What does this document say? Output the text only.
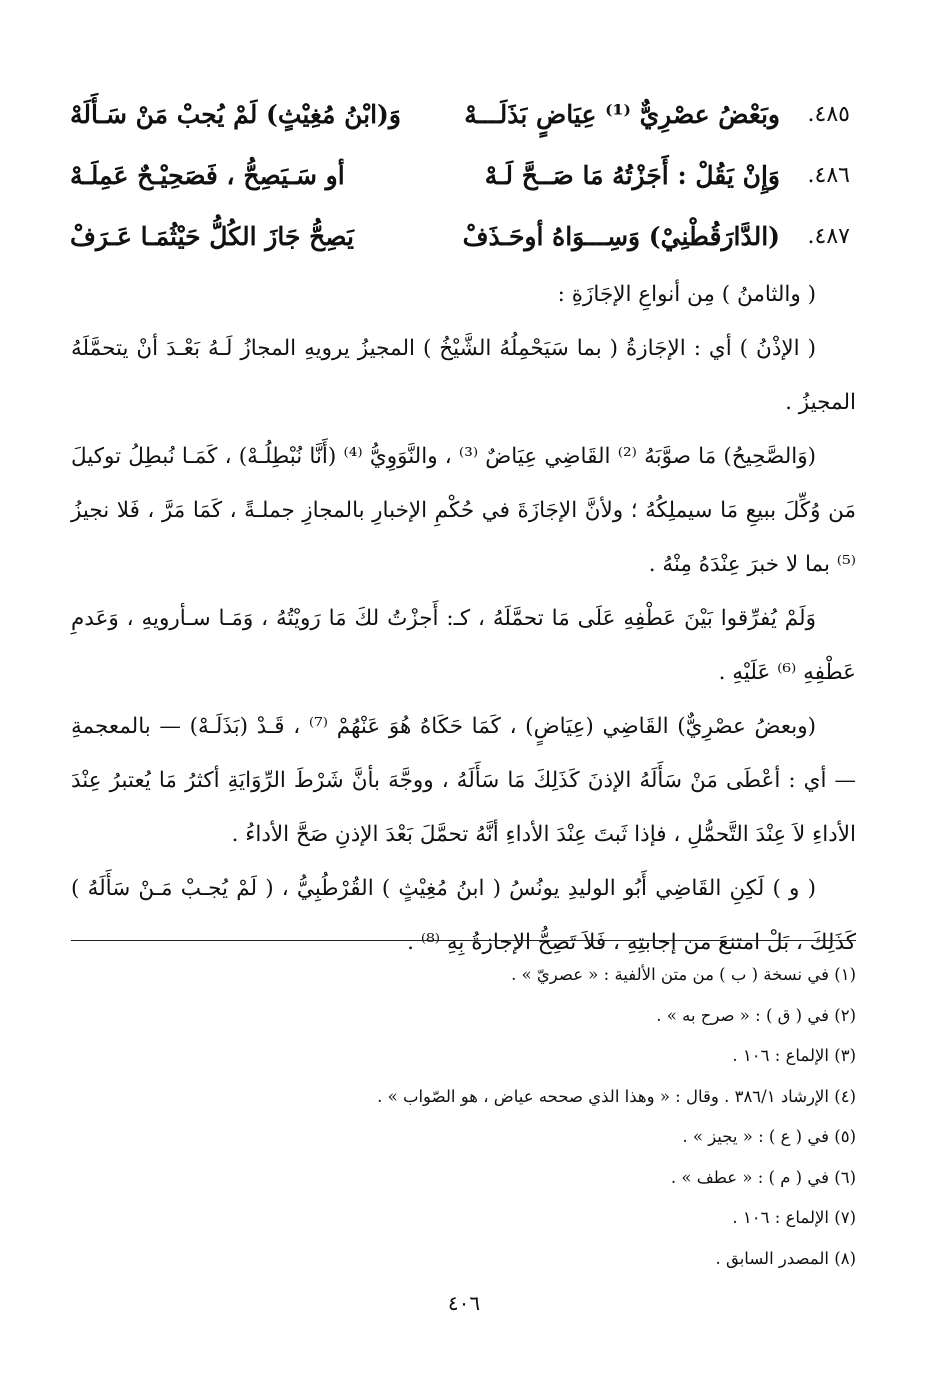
٤٨٥.
وبَعْضُ عصْرِيٌّ ⁽¹⁾ عِيَاضٍ بَذَلَـــهْ
وَ(ابْنُ مُغِيْثٍ) لَمْ يُجبْ مَنْ سَـأَلَهْ
٤٨٦.
وَإِنْ يَقُلْ : أَجَزْتُهُ مَا صَــحَّ لَـهْ
أو سَـيَصِحُّ ، فَصَحِيْـحٌ عَمِلَـهْ
٤٨٧.
(الدَّارَقُطْنِيْ) وَسِـــوَاهُ أوحَـذَفْ
يَصِحُّ جَازَ الكُلُّ حَيْثُمَـا عَـرَفْ

( والثامنُ ) مِن أنواعِ الإجَازَةِ :

( الإذْنُ ) أي : الإجَازةُ ( بما سَيَحْمِلُهُ الشَّيْخُ ) المجيزُ يرويهِ المجازُ لَـهُ بَعْـدَ أنْ يتحمَّلَهُ المجيزُ .

(وَالصَّحِيحُ) مَا صوَّبَهُ ⁽²⁾ القَاضِي عِيَاضٌ ⁽³⁾ ، والنَّوَوِيُّ ⁽⁴⁾ (أَنَّا نُبْطِلُـهْ) ، كَمَـا نُبطِلُ توكيلَ مَن وُكِّلَ ببيعِ مَا سيملِكُهُ ؛ ولأنَّ الإجَازَةَ في حُكْمِ الإخبارِ بالمجازِ جملـةً ، كَمَا مَرَّ ، فَلا نجيزُ ⁽⁵⁾ بما لا خبرَ عِنْدَهُ مِنْهُ .

وَلَمْ يُفرِّقوا بَيْنَ عَطْفِهِ عَلَى مَا تحمَّلَهُ ، كـ: أَجزْتُ لكَ مَا رَويْتُهُ ، وَمَـا سـأرويهِ ، وَعَدمِ عَطْفِهِ ⁽⁶⁾ عَلَيْهِ .

(وبعضُ عصْرِيٌّ) القَاضِي (عِيَاضٍ) ، كَمَا حَكَاهُ هُوَ عَنْهُمْ ⁽⁷⁾ ، قَـدْ (بَذَلَـهْ) — بالمعجمةِ — أي : أعْطَى مَنْ سَأَلَهُ الإذنَ كَذَلِكَ مَا سَأَلَهُ ، ووجَّهَ بأنَّ شَرْطَ الرِّوَايَةِ أكثرُ مَا يُعتبرُ عِنْدَ الأداءِ لاَ عِنْدَ التَّحمُّلِ ، فإذا ثَبتَ عِنْدَ الأداءِ أنَّهُ تحمَّلَ بَعْدَ الإذنِ صَحَّ الأداءُ .

( و ) لَكِنِ القَاضِي أَبُو الوليدِ يونُسُ ( ابنُ مُغِيْثٍ ) القُرْطُبِيُّ ، ( لَمْ يُجـبْ مَـنْ سَأَلَهُ ) كَذَلِكَ ، بَلْ امتنعَ من إجابتِهِ ، فَلاَ تَصِحُّ الإجازةُ بِهِ ⁽⁸⁾ .

(١) في نسخة ( ب ) من متن الألفية : « عصريّ » .

(٢) في ( ق ) : « صرح به » .

(٣) الإلماع : ١٠٦ .

(٤) الإرشاد ٣٨٦/١ . وقال : « وهذا الذي صححه عياض ، هو الصّواب » .

(٥) في ( ع ) : « يجيز » .

(٦) في ( م ) : « عطف » .

(٧) الإلماع : ١٠٦ .

(٨) المصدر السابق .

٤٠٦
